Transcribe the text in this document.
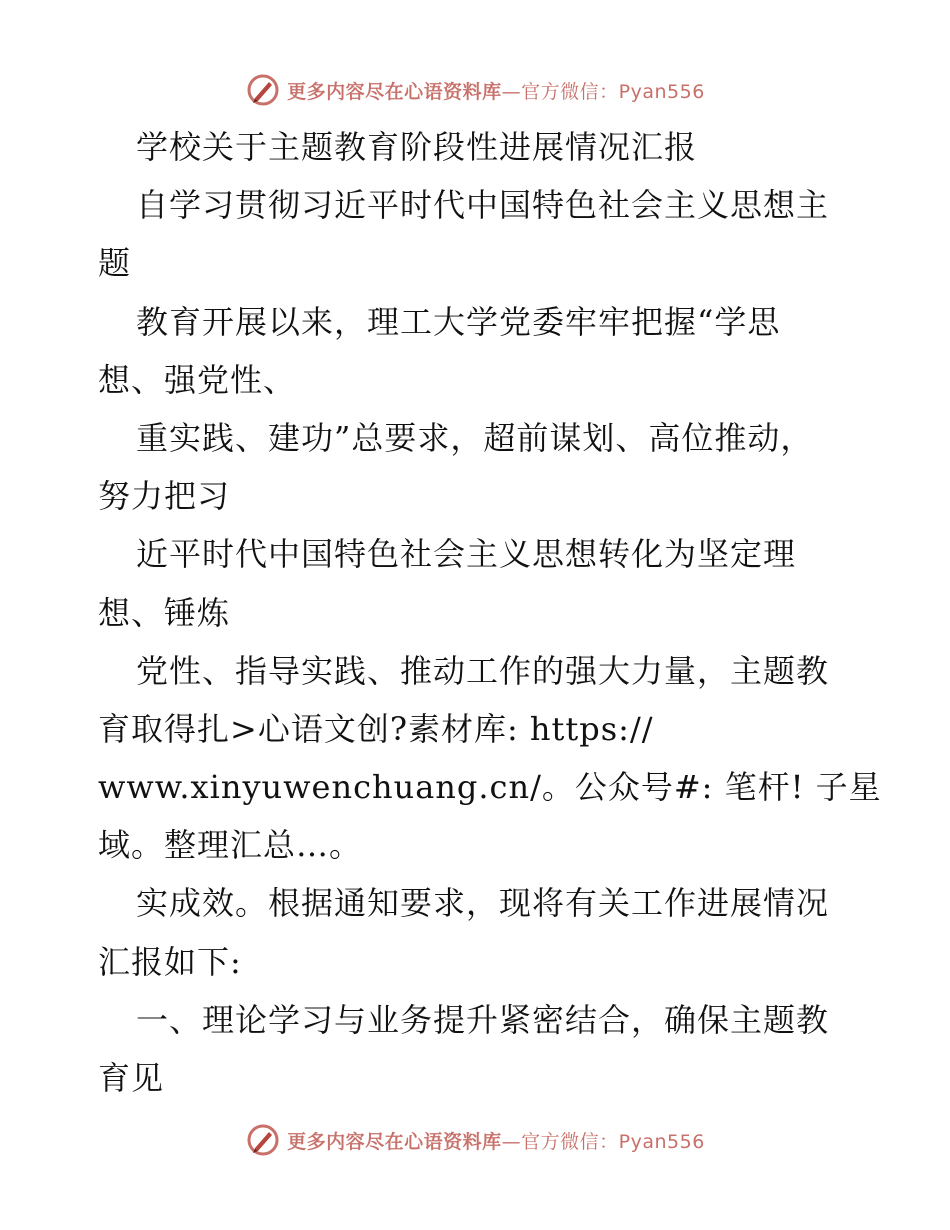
更多内容尽在心语资料库—官方微信：Pyan556
学校关于主题教育阶段性进展情况汇报
自学习贯彻习近平时代中国特色社会主义思想主
题
教育开展以来，理工大学党委牢牢把握“学思
想、强党性、
重实践、建功”总要求，超前谋划、高位推动，
努力把习
近平时代中国特色社会主义思想转化为坚定理
想、锤炼
党性、指导实践、推动工作的强大力量，主题教
育取得扎>心语文创?素材库: https://
www.xinyuwenchuang.cn/。公众号#: 笔杆! 子星
域。整理汇总…。
实成效。根据通知要求，现将有关工作进展情况
汇报如下:
一、理论学习与业务提升紧密结合，确保主题教
育见
更多内容尽在心语资料库—官方微信：Pyan556
